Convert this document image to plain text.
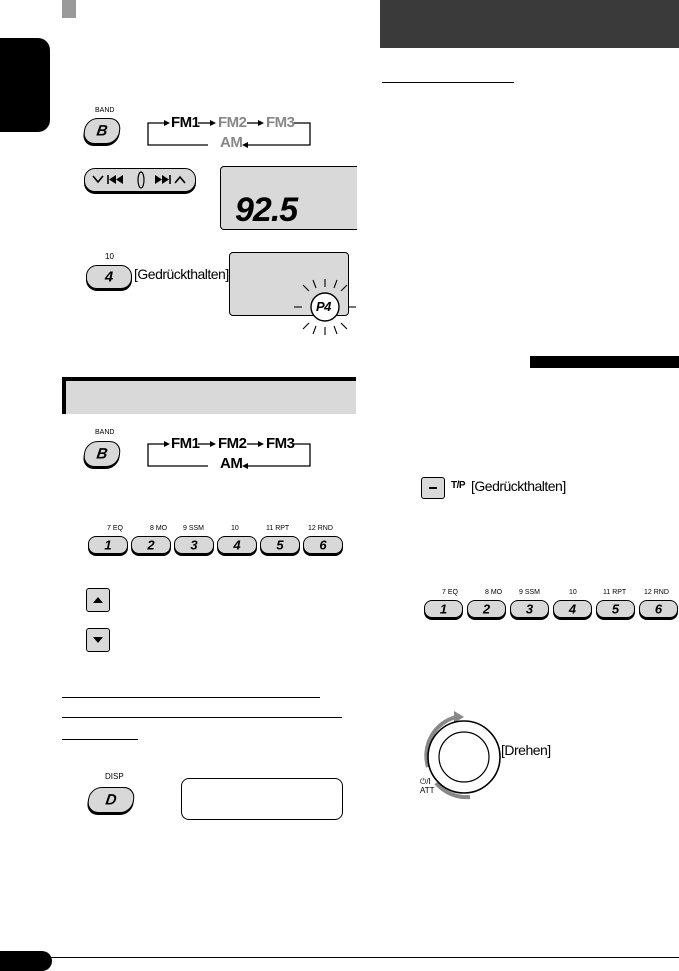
BAND
B	FM1 FM2 FM3
AM
92.5
10
4	[Gedrückthalten]
P4
BAND
B
FM1 FM2 FM3
AM
7 EQ
1
8 MO
2
9 SSM
3
10
4
11 RPT
5
12 RND
6
DISP
D
T/P [Gedrückthalten]
7 EQ
1
8 MO
2
9 SSM
3
10
4
11 RPT
5
12 RND
6
[Drehen]
⏻/I
ATT
